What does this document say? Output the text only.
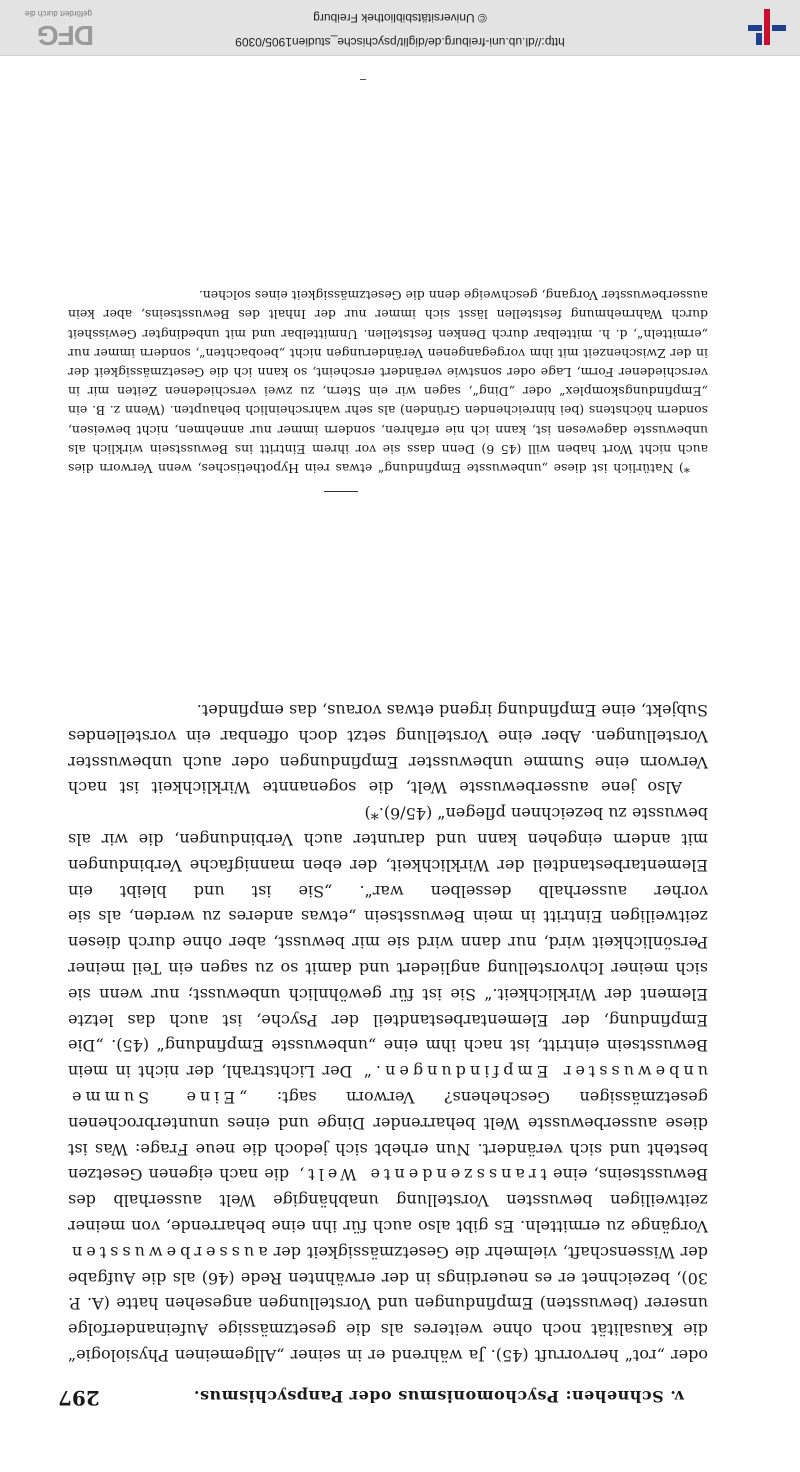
v. Schnehen: Psychomonismus oder Panpsychismus.
297

oder „rot“ hervorruft (45). Ja während er in seiner „Allgemeinen Physiologie“ die Kausalität noch ohne weiteres als die gesetzmässige Aufeinanderfolge unserer (bewussten) Empfindungen und Vorstellungen angesehen hatte (A. P. 30), bezeichnet er es neuerdings in der erwähnten Rede (46) als die Aufgabe der Wissenschaft, vielmehr die Gesetzmässigkeit der ausserbewussten Vorgänge zu ermitteln. Es gibt also auch für ihn eine beharrende, von meiner zeitweiligen bewussten Vorstellung unabhängige Welt ausserhalb des Bewusstseins, eine transszendente Welt, die nach eigenen Gesetzen besteht und sich verändert. Nun erhebt sich jedoch die neue Frage: Was ist diese ausserbewusste Welt beharrender Dinge und eines ununterbrochenen gesetzmässigen Geschehens? Verworn sagt: „Eine Summe unbewusster Empfindungen.“ Der Lichtstrahl, der nicht in mein Bewusstsein eintritt, ist nach ihm eine „unbewusste Empfindung“ (45). „Die Empfindung, der Elementarbestandteil der Psyche, ist auch das letzte Element der Wirklichkeit.“ Sie ist für gewöhnlich unbewusst; nur wenn sie sich meiner Ichvorstellung angliedert und damit so zu sagen ein Teil meiner Persönlichkeit wird, nur dann wird sie mir bewusst, aber ohne durch diesen zeitweiligen Eintritt in mein Bewusstsein „etwas anderes zu werden, als sie vorher ausserhalb desselben war“. „Sie ist und bleibt ein Elementarbestandteil der Wirklichkeit, der eben mannigfache Verbindungen mit andern eingehen kann und darunter auch Verbindungen, die wir als bewusste zu bezeichnen pflegen“ (45/6).*)

Also jene ausserbewusste Welt, die sogenannte Wirklichkeit ist nach Verworn eine Summe unbewusster Empfindungen oder auch unbewusster Vorstellungen. Aber eine Vorstellung setzt doch offenbar ein vorstellendes Subjekt, eine Empfindung irgend etwas voraus, das empfindet.

*) Natürlich ist diese „unbewusste Empfindung“ etwas rein Hypothetisches, wenn Verworn dies auch nicht Wort haben will (45 6) Denn dass sie vor ihrem Eintritt ins Bewusstsein wirklich als unbewusste dagewesen ist, kann ich nie erfahren, sondern immer nur annehmen, nicht beweisen, sondern höchstens (bei hinreichenden Gründen) als sehr wahrscheinlich behaupten. (Wenn z. B. ein „Empfindungskomplex“ oder „Ding“, sagen wir ein Stern, zu zwei verschiedenen Zeiten mir in verschiedener Form, Lage oder sonstwie verändert erscheint, so kann ich die Gesetzmässigkeit der in der Zwischenzeit mit ihm vorgegangenen Veränderungen nicht „beobachten“, sondern immer nur „ermitteln“, d. h. mittelbar durch Denken feststellen. Unmittelbar und mit unbedingter Gewissheit durch Wahrnehmung feststellen lässt sich immer nur der Inhalt des Bewusstseins, aber kein ausserbewusster Vorgang, geschweige denn die Gesetzmässigkeit eines solchen.

http://dl.ub.uni-freiburg.de/diglit/psychische_studien1905/0309
© Universitätsbibliothek Freiburg
DFG
gefördert durch die
